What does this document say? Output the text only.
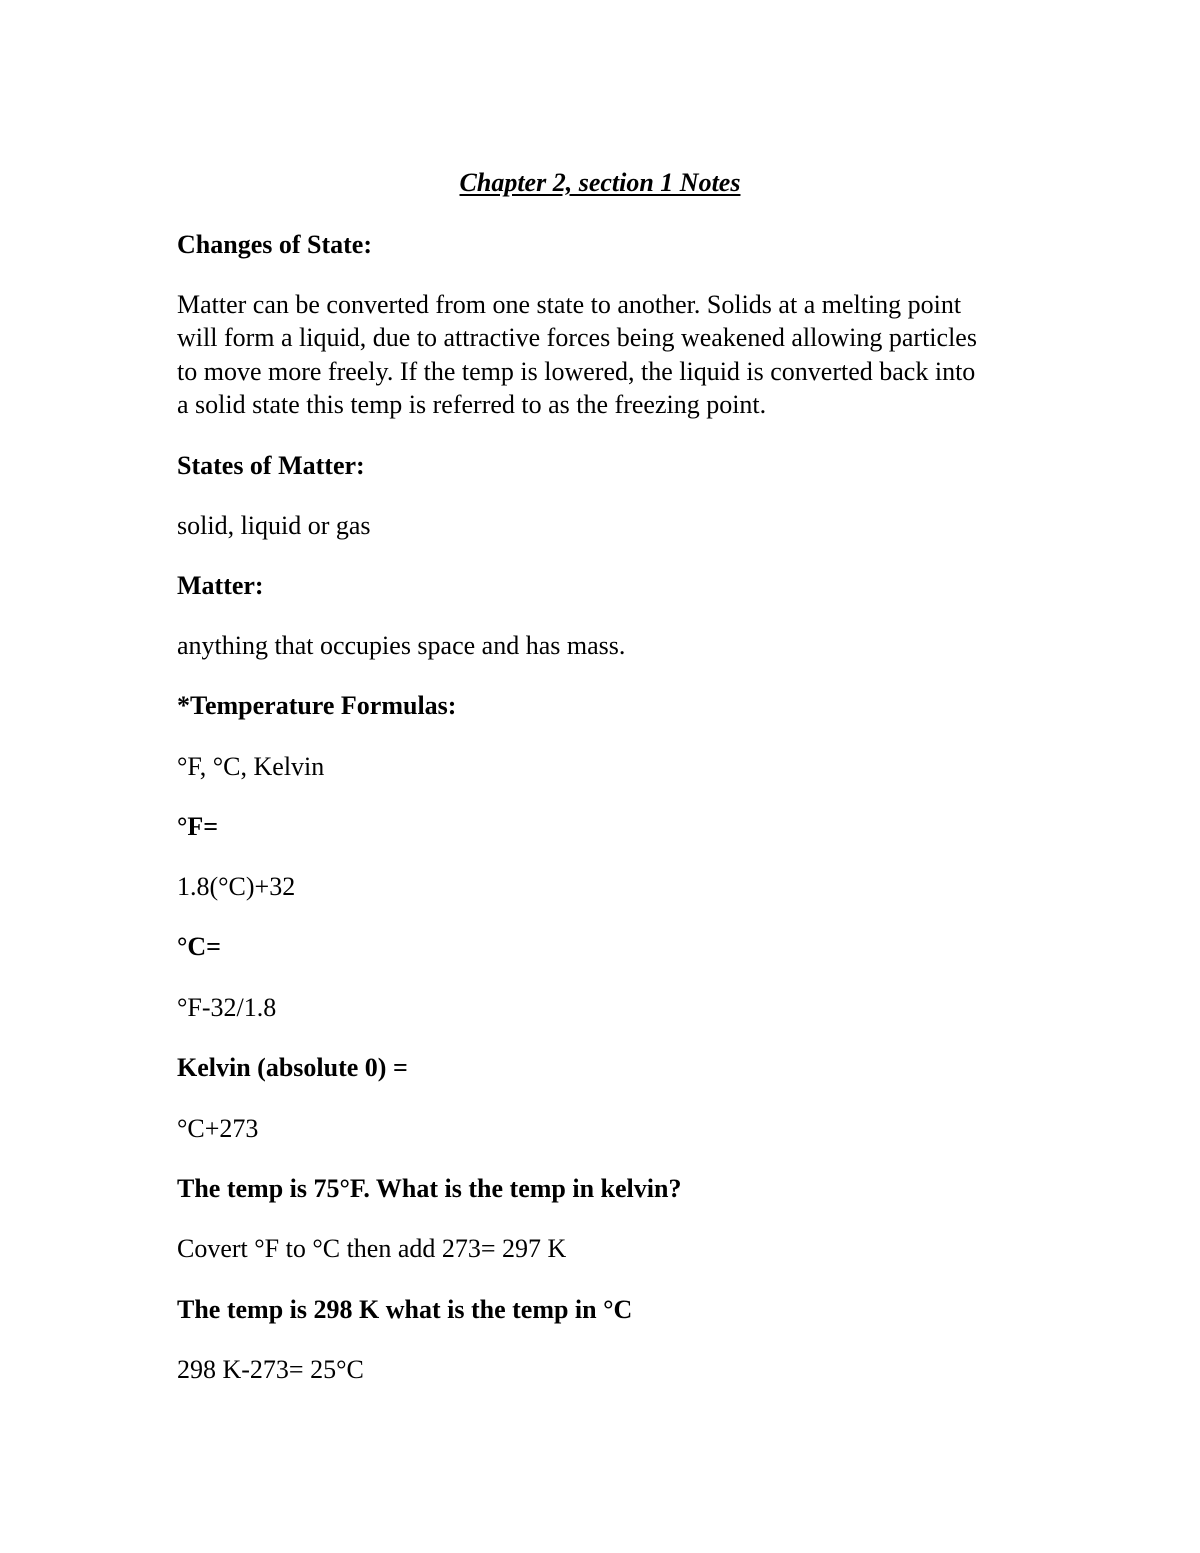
Chapter 2, section 1 Notes

Changes of State:

Matter can be converted from one state to another. Solids at a melting point
will form a liquid, due to attractive forces being weakened allowing particles
to move more freely. If the temp is lowered, the liquid is converted back into
a solid state this temp is referred to as the freezing point.

States of Matter:

solid, liquid or gas

Matter:

anything that occupies space and has mass.

*Temperature Formulas:

°F, °C, Kelvin

°F=

1.8(°C)+32

°C=

°F-32/1.8

Kelvin (absolute 0) =

°C+273

The temp is 75°F. What is the temp in kelvin?

Covert °F to °C then add 273= 297 K

The temp is 298 K what is the temp in °C

298 K-273= 25°C
